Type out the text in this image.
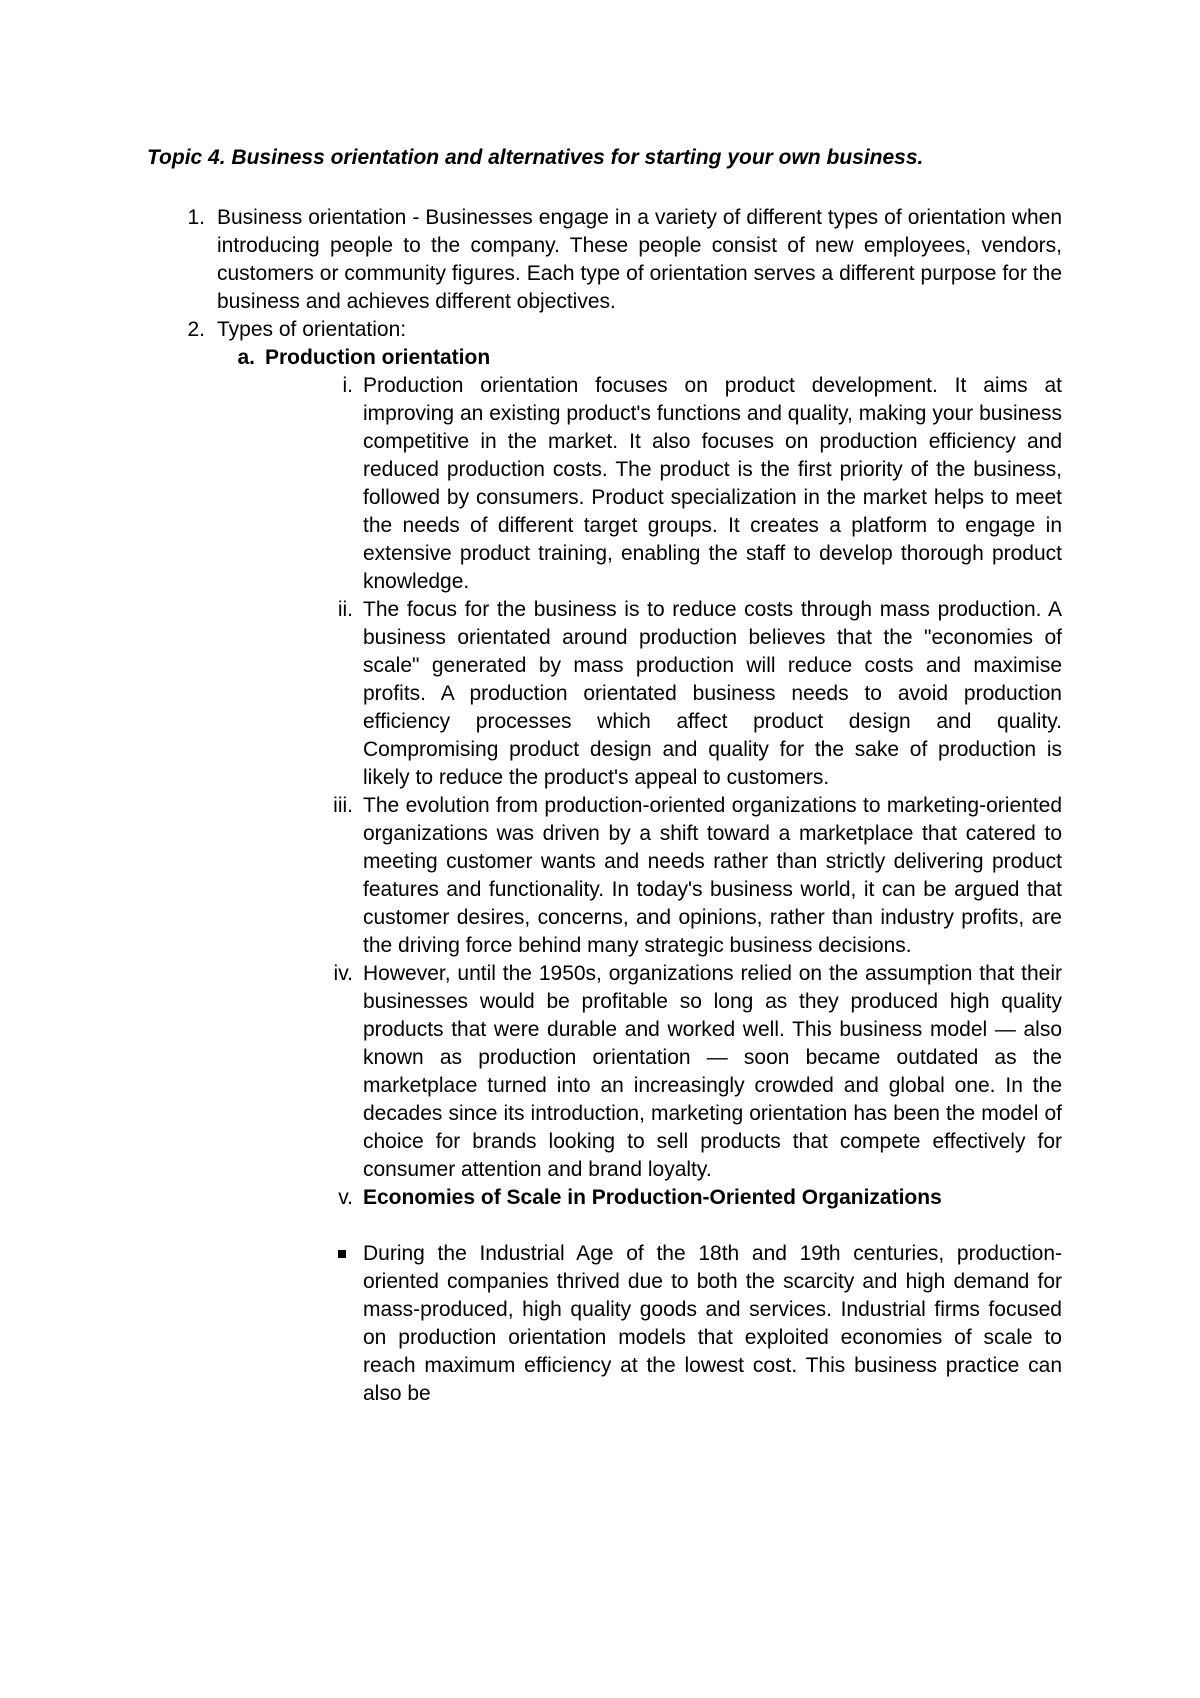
Topic 4. Business orientation and alternatives for starting your own business.
1. Business orientation - Businesses engage in a variety of different types of orientation when introducing people to the company. These people consist of new employees, vendors, customers or community figures. Each type of orientation serves a different purpose for the business and achieves different objectives.
2. Types of orientation:
a. Production orientation
i. Production orientation focuses on product development. It aims at improving an existing product's functions and quality, making your business competitive in the market. It also focuses on production efficiency and reduced production costs. The product is the first priority of the business, followed by consumers. Product specialization in the market helps to meet the needs of different target groups. It creates a platform to engage in extensive product training, enabling the staff to develop thorough product knowledge.
ii. The focus for the business is to reduce costs through mass production. A business orientated around production believes that the "economies of scale" generated by mass production will reduce costs and maximise profits. A production orientated business needs to avoid production efficiency processes which affect product design and quality. Compromising product design and quality for the sake of production is likely to reduce the product's appeal to customers.
iii. The evolution from production-oriented organizations to marketing-oriented organizations was driven by a shift toward a marketplace that catered to meeting customer wants and needs rather than strictly delivering product features and functionality. In today's business world, it can be argued that customer desires, concerns, and opinions, rather than industry profits, are the driving force behind many strategic business decisions.
iv. However, until the 1950s, organizations relied on the assumption that their businesses would be profitable so long as they produced high quality products that were durable and worked well. This business model — also known as production orientation — soon became outdated as the marketplace turned into an increasingly crowded and global one. In the decades since its introduction, marketing orientation has been the model of choice for brands looking to sell products that compete effectively for consumer attention and brand loyalty.
v. Economies of Scale in Production-Oriented Organizations
During the Industrial Age of the 18th and 19th centuries, production-oriented companies thrived due to both the scarcity and high demand for mass-produced, high quality goods and services. Industrial firms focused on production orientation models that exploited economies of scale to reach maximum efficiency at the lowest cost. This business practice can also be
